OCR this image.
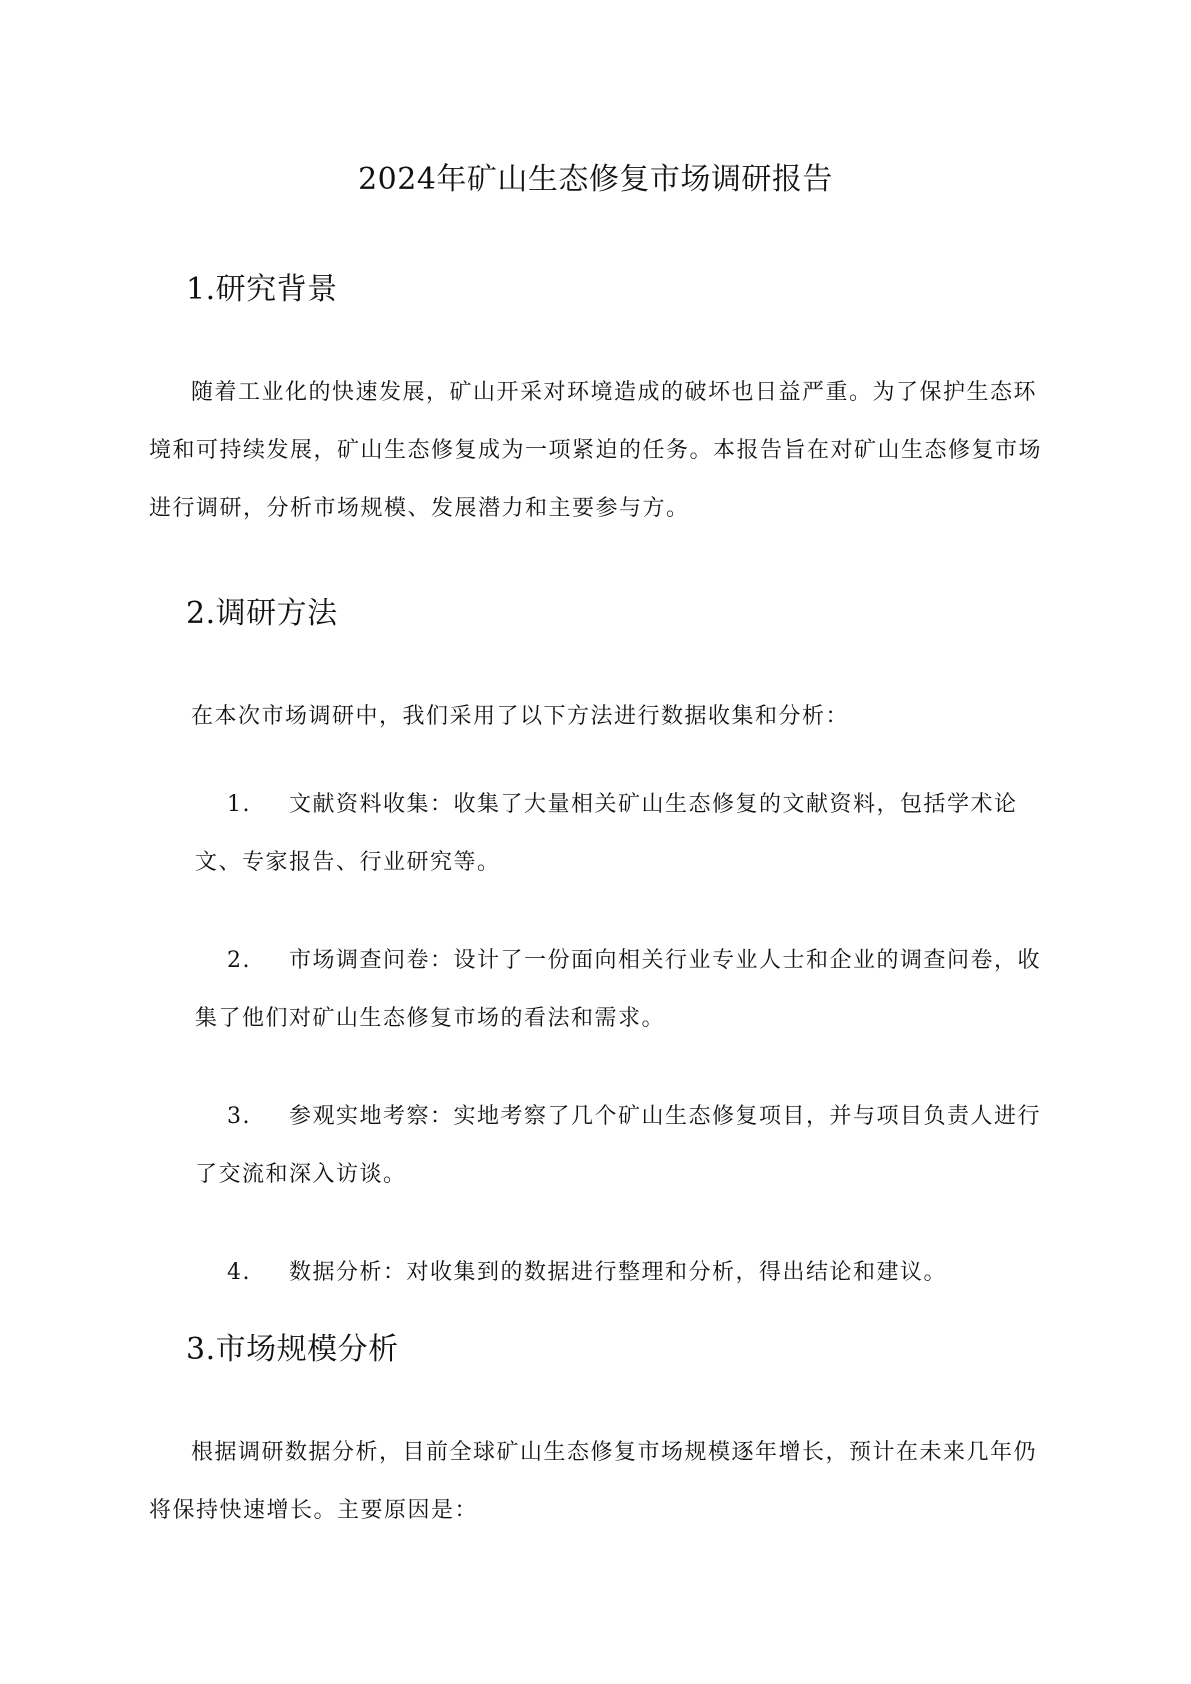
2024年矿山生态修复市场调研报告
1.研究背景

随着工业化的快速发展，矿山开采对环境造成的破坏也日益严重。为了保护生态环境和可持续发展，矿山生态修复成为一项紧迫的任务。本报告旨在对矿山生态修复市场进行调研，分析市场规模、发展潜力和主要参与方。

2.调研方法

在本次市场调研中，我们采用了以下方法进行数据收集和分析：

1. 文献资料收集：收集了大量相关矿山生态修复的文献资料，包括学术论文、专家报告、行业研究等。

2. 市场调查问卷：设计了一份面向相关行业专业人士和企业的调查问卷，收集了他们对矿山生态修复市场的看法和需求。

3. 参观实地考察：实地考察了几个矿山生态修复项目，并与项目负责人进行了交流和深入访谈。

4. 数据分析：对收集到的数据进行整理和分析，得出结论和建议。

3.市场规模分析

根据调研数据分析，目前全球矿山生态修复市场规模逐年增长，预计在未来几年仍将保持快速增长。主要原因是：
